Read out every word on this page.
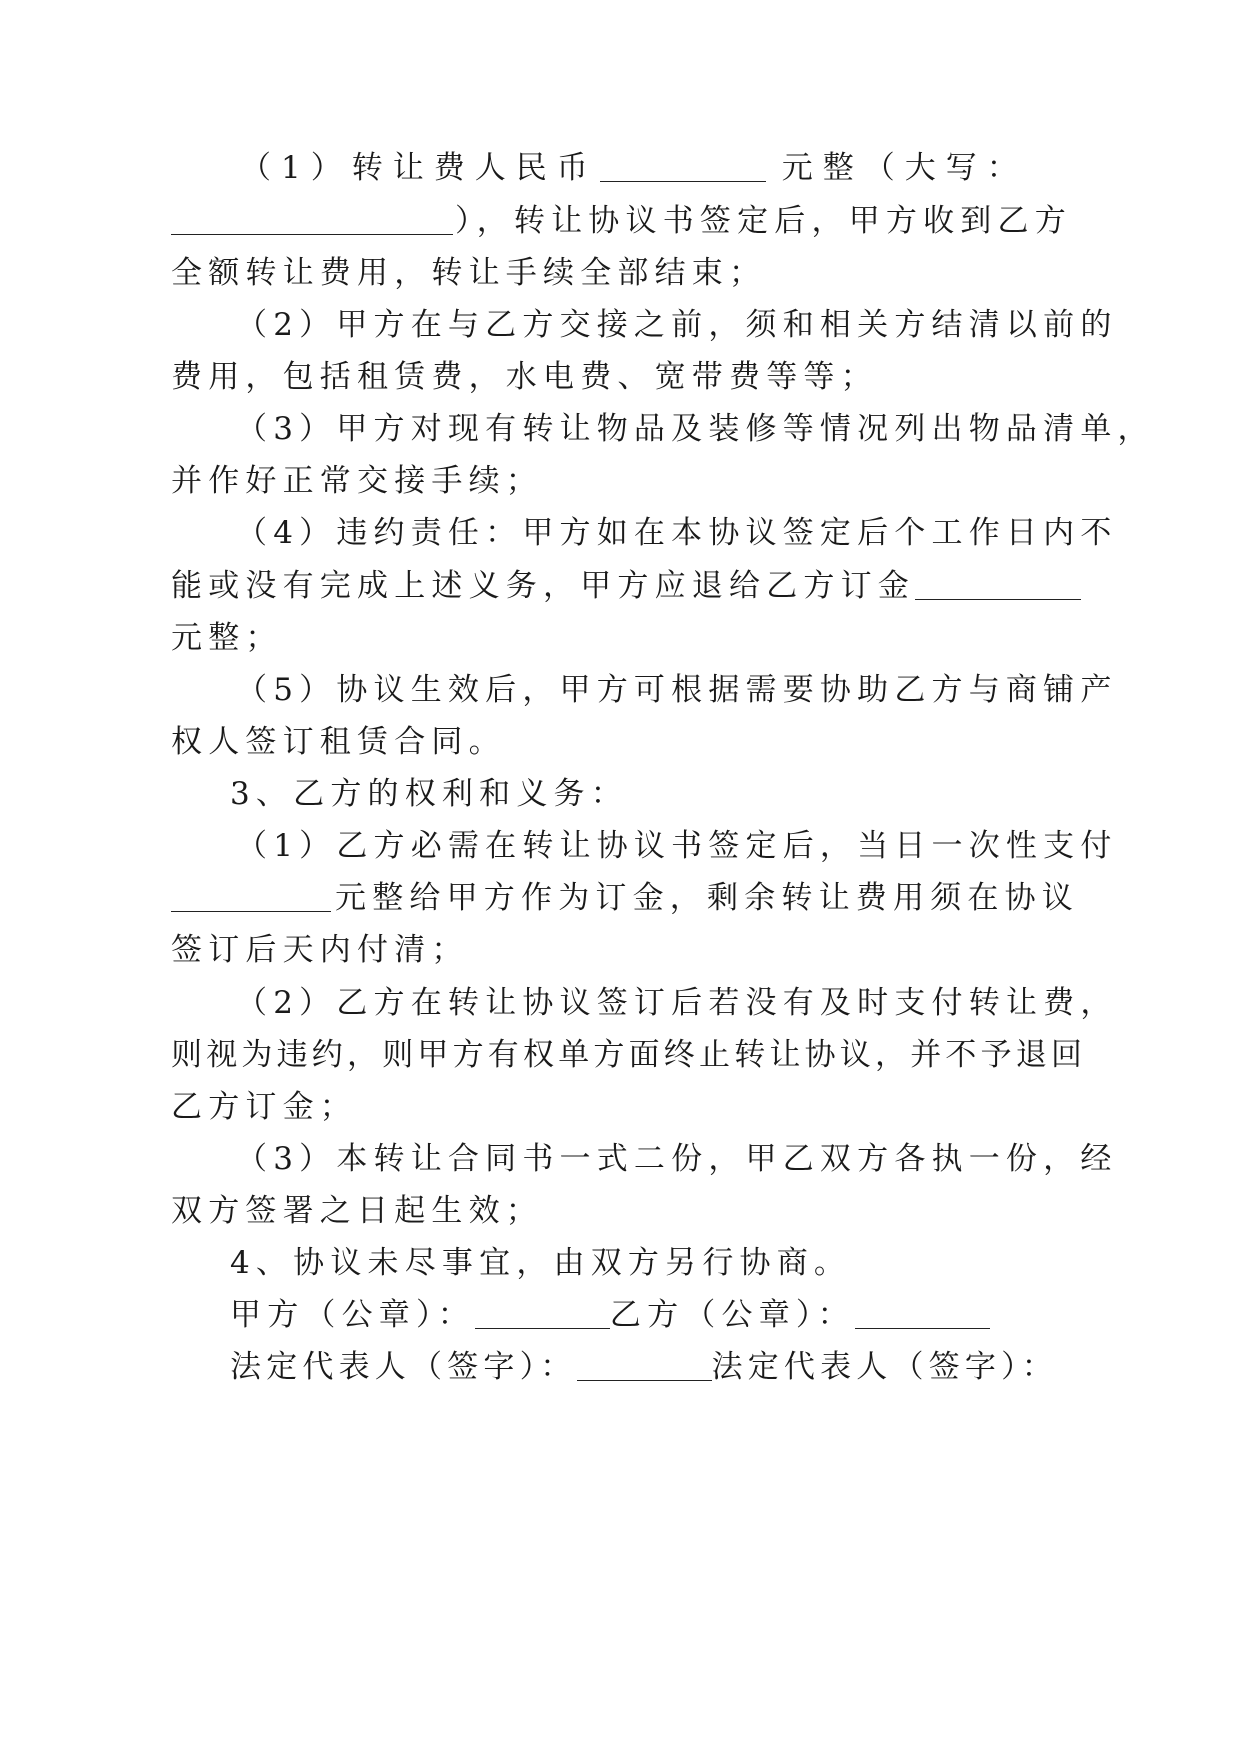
（1）转让费人民币	元整（大写：
），转让协议书签定后，甲方收到乙方
全额转让费用，转让手续全部结束；
（2）甲方在与乙方交接之前，须和相关方结清以前的
费用，包括租赁费，水电费、宽带费等等；
（3）甲方对现有转让物品及装修等情况列出物品清单，
并作好正常交接手续；
（4）违约责任：甲方如在本协议签定后个工作日内不
能或没有完成上述义务，甲方应退给乙方订金
元整；
（5）协议生效后，甲方可根据需要协助乙方与商铺产
权人签订租赁合同。
3、乙方的权利和义务：
（1）乙方必需在转让协议书签定后，当日一次性支付
元整给甲方作为订金，剩余转让费用须在协议
签订后天内付清；
（2）乙方在转让协议签订后若没有及时支付转让费，
则视为违约，则甲方有权单方面终止转让协议，并不予退回
乙方订金；
（3）本转让合同书一式二份，甲乙双方各执一份，经
双方签署之日起生效；
4、协议未尽事宜，由双方另行协商。
甲方（公章）：	乙方（公章）：
法定代表人（签字）：	法定代表人（签字）：
